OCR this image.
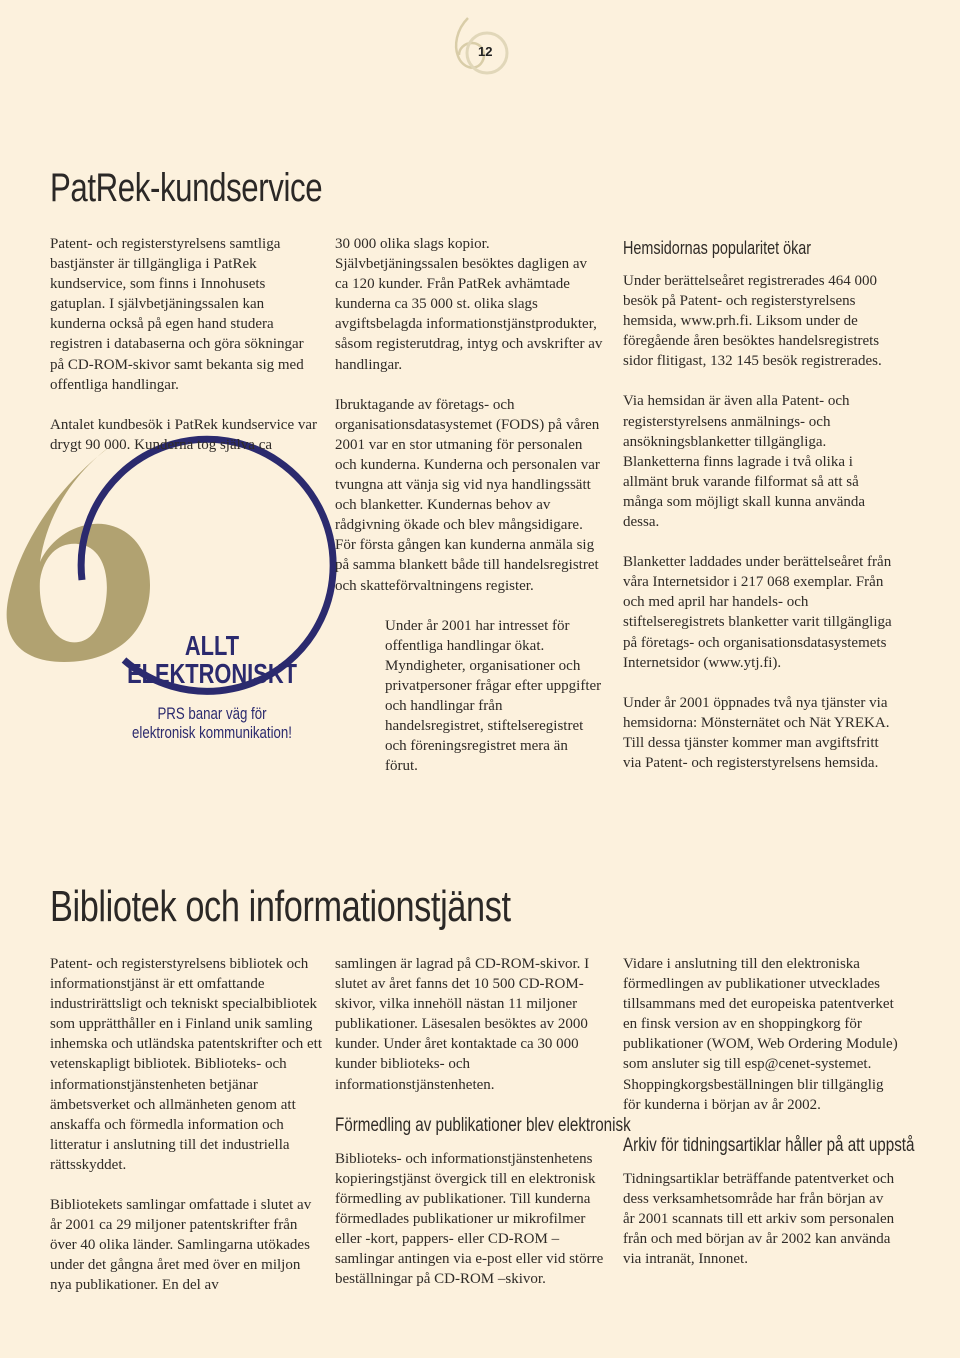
12
PatRek-kundservice
ALLT
ELEKTRONISKT
PRS banar väg för
elektronisk kommunikation!

Patent- och registerstyrelsens samtliga bastjänster är tillgängliga i PatRek kundservice, som finns i Innohusets gatuplan. I självbetjäningssalen kan kunderna också på egen hand studera registren i databaserna och göra sökningar på CD-ROM-skivor samt bekanta sig med offentliga handlingar.

Antalet kundbesök i PatRek kundservice var drygt 90 000. Kunderna tog själva ca

30 000 olika slags kopior. Självbetjäningssalen besöktes dagligen av ca 120 kunder. Från PatRek avhämtade kunderna ca 35 000 st. olika slags avgiftsbelagda informationstjänstprodukter, såsom registerutdrag, intyg och avskrifter av handlingar.

Ibruktagande av företags- och organisationsdatasystemet (FODS) på våren 2001 var en stor utmaning för personalen och kunderna. Kunderna och personalen var tvungna att vänja sig vid nya handlingssätt och blanketter. Kundernas behov av rådgivning ökade och blev mångsidigare. För första gången kan kunderna anmäla sig på samma blankett både till handelsregistret och skatteförvaltningens register.

Under år 2001 har intresset för offentliga handlingar ökat. Myndigheter, organisationer och privatpersoner frågar efter uppgifter och handlingar från handelsregistret, stiftelseregistret och föreningsregistret mera än förut.

Hemsidornas popularitet ökar

Under berättelseåret registrerades 464 000 besök på Patent- och registerstyrelsens hemsida, www.prh.fi. Liksom under de föregående åren besöktes handelsregistrets sidor flitigast, 132 145 besök registrerades.

Via hemsidan är även alla Patent- och registerstyrelsens anmälnings- och ansökningsblanketter tillgängliga. Blanketterna finns lagrade i två olika i allmänt bruk varande filformat så att så många som möjligt skall kunna använda dessa.

Blanketter laddades under berättelseåret från våra Internetsidor i 217 068 exemplar. Från och med april har handels- och stiftelseregistrets blanketter varit tillgängliga på företags- och organisationsdatasystemets Internetsidor (www.ytj.fi).

Under år 2001 öppnades två nya tjänster via hemsidorna: Mönsternätet och Nät YREKA. Till dessa tjänster kommer man avgiftsfritt via Patent- och registerstyrelsens hemsida.

Bibliotek och informationstjänst

Patent- och registerstyrelsens bibliotek och informationstjänst är ett omfattande industrirättsligt och tekniskt specialbibliotek som upprätthåller en i Finland unik samling inhemska och utländska patentskrifter och ett vetenskapligt bibliotek. Biblioteks- och informationstjänstenheten betjänar ämbetsverket och allmänheten genom att anskaffa och förmedla information och litteratur i anslutning till det industriella rättsskyddet.

Bibliotekets samlingar omfattade i slutet av år 2001 ca 29 miljoner patentskrifter från över 40 olika länder. Samlingarna utökades under det gångna året med över en miljon nya publikationer. En del av

samlingen är lagrad på CD-ROM-skivor. I slutet av året fanns det 10 500 CD-ROM-skivor, vilka innehöll nästan 11 miljoner publikationer. Läsesalen besöktes av 2000 kunder. Under året kontaktade ca 30 000 kunder biblioteks- och informationstjänstenheten.

Förmedling av publikationer blev elektronisk

Biblioteks- och informationstjänstenhetens kopieringstjänst övergick till en elektronisk förmedling av publikationer. Till kunderna förmedlades publikationer ur mikrofilmer eller -kort, pappers- eller CD-ROM –samlingar antingen via e-post eller vid större beställningar på CD-ROM –skivor.

Vidare i anslutning till den elektroniska förmedlingen av publikationer utvecklades tillsammans med det europeiska patentverket en finsk version av en shoppingkorg för publikationer (WOM, Web Ordering Module) som ansluter sig till esp@cenet-systemet. Shoppingkorgsbeställningen blir tillgänglig för kunderna i början av år 2002.

Arkiv för tidningsartiklar håller på att uppstå

Tidningsartiklar beträffande patentverket och dess verksamhetsområde har från början av år 2001 scannats till ett arkiv som personalen från och med början av år 2002 kan använda via intranät, Innonet.
